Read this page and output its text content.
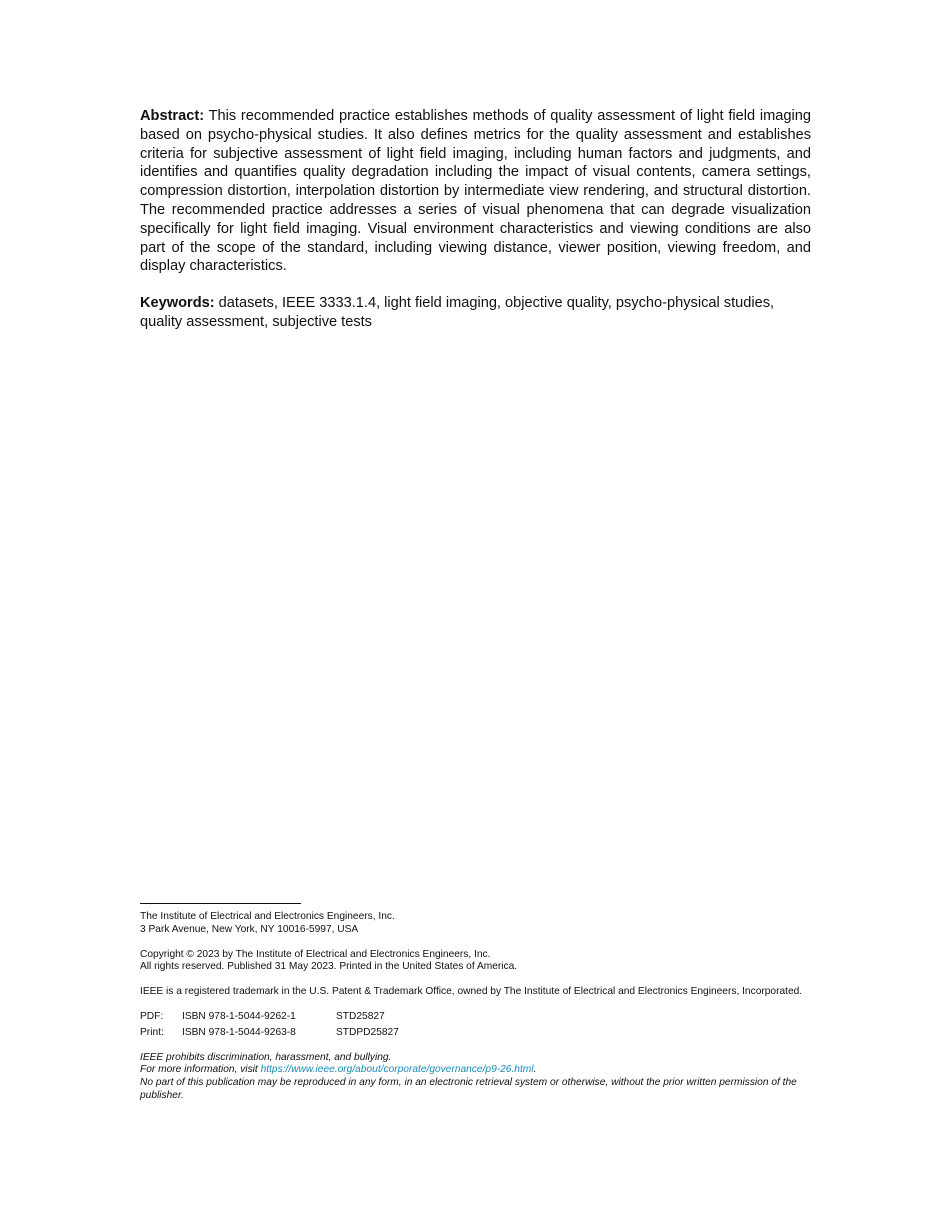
Abstract: This recommended practice establishes methods of quality assessment of light field imaging based on psycho-physical studies. It also defines metrics for the quality assessment and establishes criteria for subjective assessment of light field imaging, including human factors and judgments, and identifies and quantifies quality degradation including the impact of visual contents, camera settings, compression distortion, interpolation distortion by intermediate view rendering, and structural distortion. The recommended practice addresses a series of visual phenomena that can degrade visualization specifically for light field imaging. Visual environment characteristics and viewing conditions are also part of the scope of the standard, including viewing distance, viewer position, viewing freedom, and display characteristics.

Keywords: datasets, IEEE 3333.1.4, light field imaging, objective quality, psycho-physical studies, quality assessment, subjective tests

The Institute of Electrical and Electronics Engineers, Inc.
3 Park Avenue, New York, NY 10016-5997, USA
Copyright © 2023 by The Institute of Electrical and Electronics Engineers, Inc.
All rights reserved. Published 31 May 2023. Printed in the United States of America.
IEEE is a registered trademark in the U.S. Patent & Trademark Office, owned by The Institute of Electrical and Electronics Engineers, Incorporated.
PDF:	ISBN 978-1-5044-9262-1	STD25827
Print:	ISBN 978-1-5044-9263-8	STDPD25827
IEEE prohibits discrimination, harassment, and bullying.
For more information, visit https://www.ieee.org/about/corporate/governance/p9-26.html.
No part of this publication may be reproduced in any form, in an electronic retrieval system or otherwise, without the prior written permission of the publisher.
